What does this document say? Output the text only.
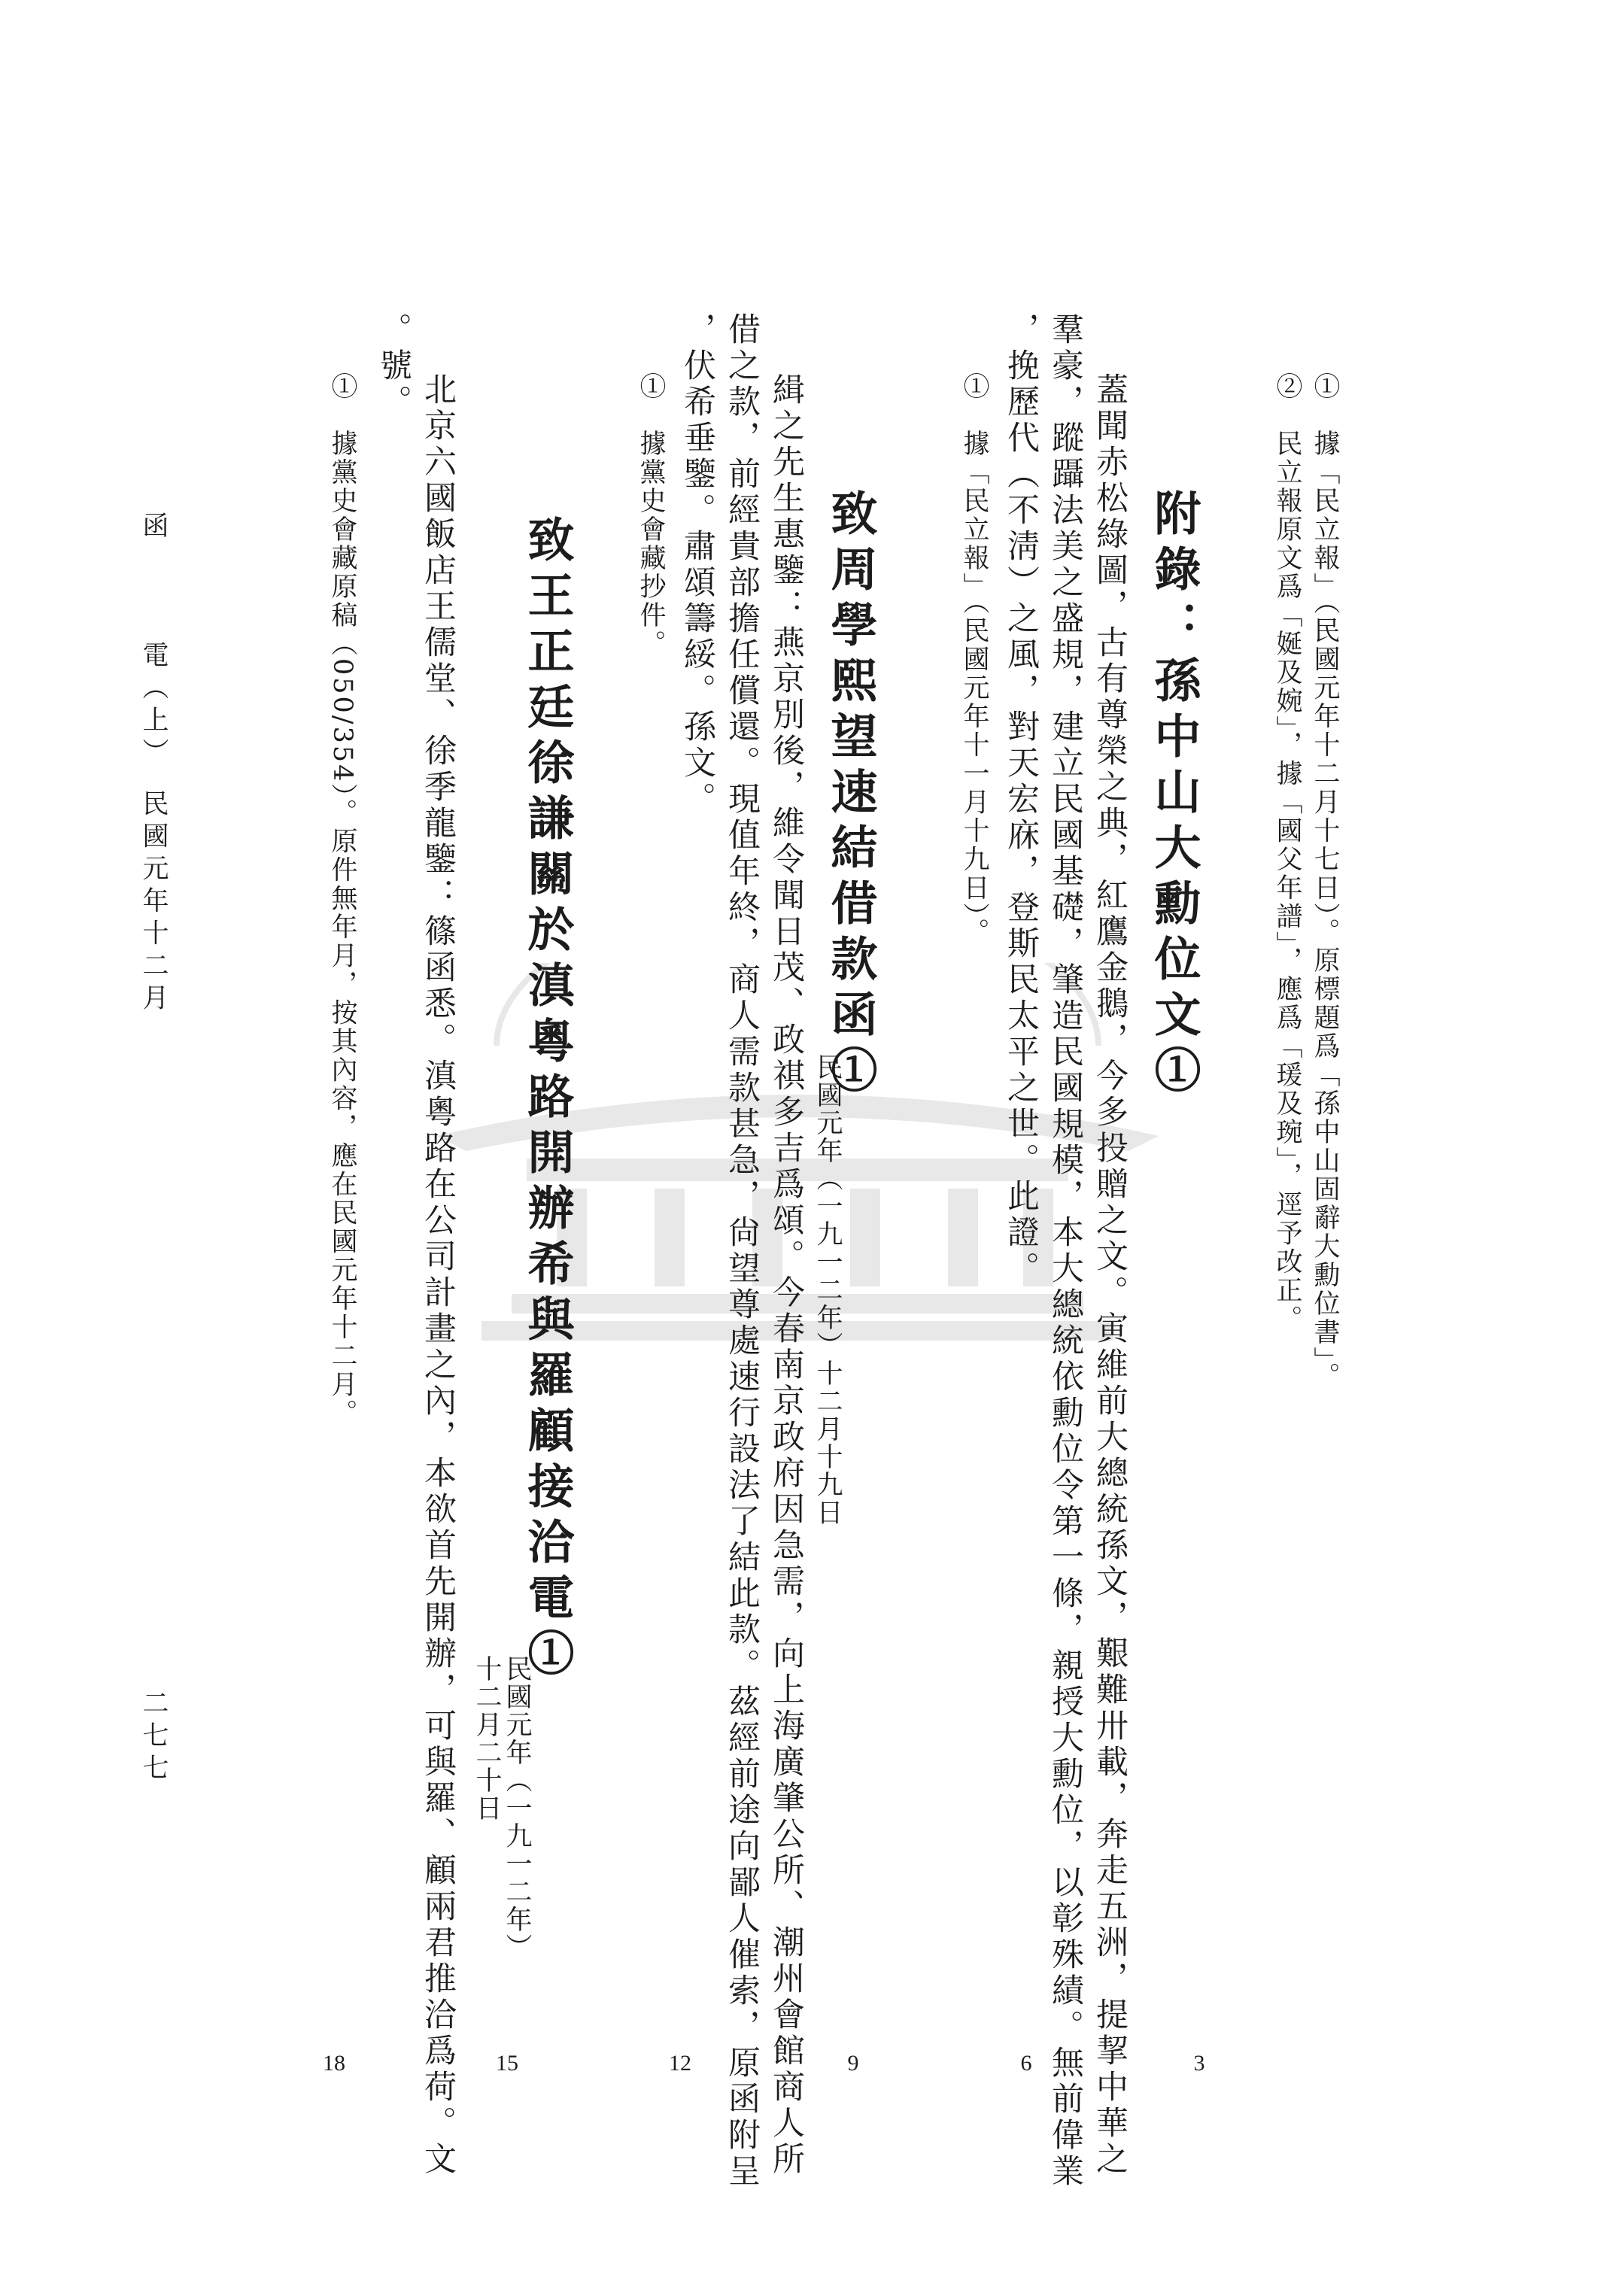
①　據「民立報」（民國元年十二月十七日）。原標題爲「孫中山固辭大勳位書」。
②　民立報原文爲「娫及婉」，據「國父年譜」，應爲「瑗及琬」，逕予改正。
附錄：孫中山大勳位文①
蓋聞赤松綠圖，古有尊榮之典，紅鷹金鵝，今多投贈之文。寅維前大總統孫文，艱難卅載，奔走五洲，提挈中華之
羣豪，蹤躡法美之盛規，建立民國基礎，肇造民國規模，本大總統依勳位令第一條，親授大勳位，以彰殊績。無前偉業
，挽歷代（不淸）之風，對天宏庥，登斯民太平之世。此證。
①　據「民立報」（民國元年十一月十九日）。
致周學熙望速結借款函①
民國元年（一九一二年）十二月十九日
緝之先生惠鑒：燕京別後，維令聞日茂、政祺多吉爲頌。今春南京政府因急需，向上海廣肇公所、潮州會館商人所
借之款，前經貴部擔任償還。現值年終，商人需款甚急，尙望尊處速行設法了結此款。茲經前途向鄙人催索，原函附呈
，伏希垂鑒。肅頌籌綏。孫文。
①　據黨史會藏抄件。
致王正廷徐謙關於滇粵路開辦希與羅顧接洽電①
民國元年（一九一二年）
十二月二十日
北京六國飯店王儒堂、徐季龍鑒：篠函悉。滇粵路在公司計畫之內，本欲首先開辦，可與羅、顧兩君推洽爲荷。文
。號。
①　據黨史會藏原稿（050/354）。原件無年月，按其內容，應在民國元年十二月。
函　　　電（上）　民國元年十二月
二七七
3
6
9
12
15
18
